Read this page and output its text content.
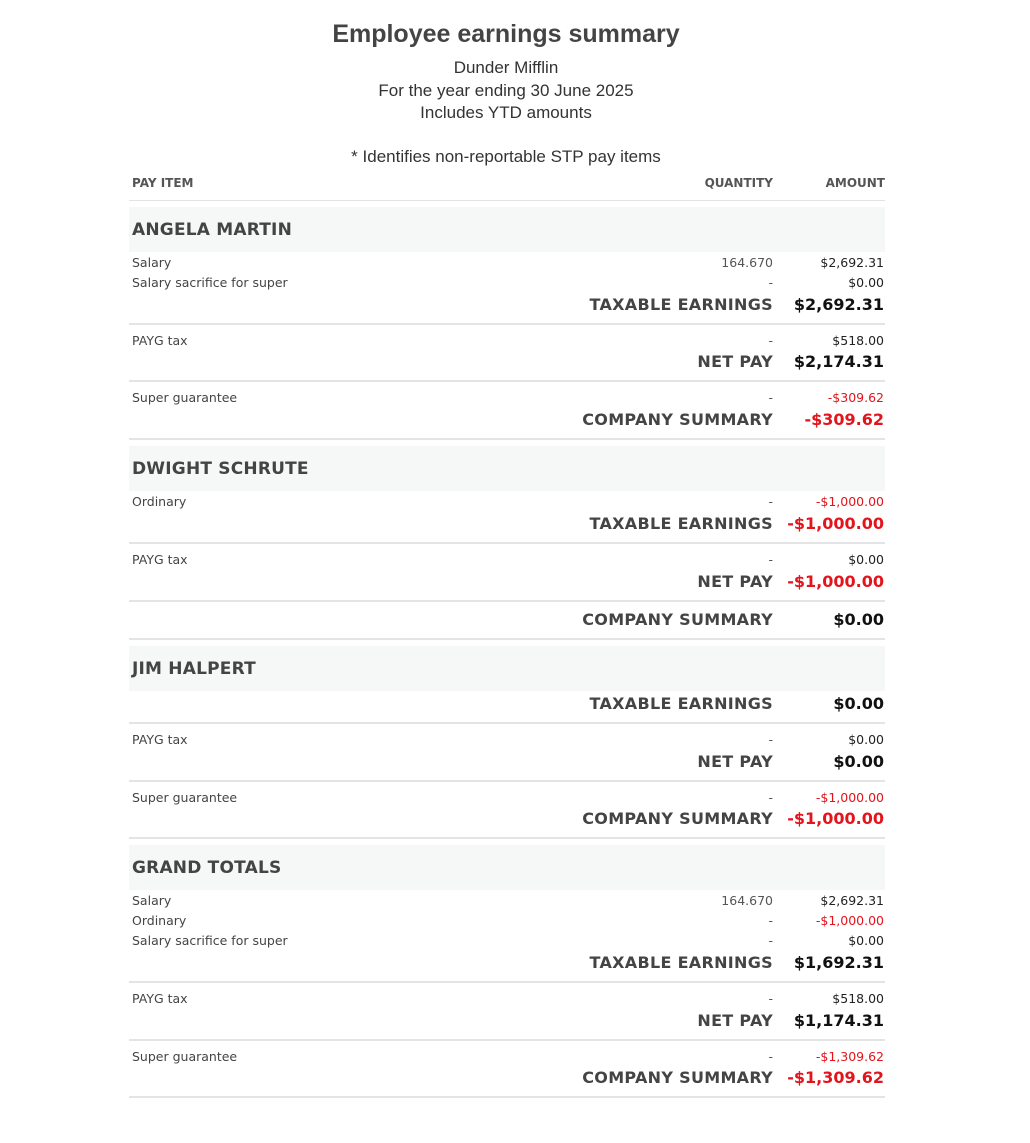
Employee earnings summary
Dunder Mifflin
For the year ending 30 June 2025
Includes YTD amounts
* Identifies non-reportable STP pay items
PAY ITEM	QUANTITY	AMOUNT
ANGELA MARTIN
Salary	164.670	$2,692.31
Salary sacrifice for super	-	$0.00
TAXABLE EARNINGS $2,692.31
PAYG tax	-	$518.00
NET PAY $2,174.31
Super guarantee	-	-$309.62
COMPANY SUMMARY -$309.62
DWIGHT SCHRUTE
Ordinary	-	-$1,000.00
TAXABLE EARNINGS -$1,000.00
PAYG tax	-	$0.00
NET PAY -$1,000.00
COMPANY SUMMARY	$0.00
JIM HALPERT
TAXABLE EARNINGS	$0.00
PAYG tax	-	$0.00
NET PAY	$0.00
Super guarantee	-	-$1,000.00
COMPANY SUMMARY -$1,000.00
GRAND TOTALS
Salary	164.670	$2,692.31
Ordinary	-	-$1,000.00
Salary sacrifice for super	-	$0.00
TAXABLE EARNINGS $1,692.31
PAYG tax	-	$518.00
NET PAY $1,174.31
Super guarantee	-	-$1,309.62
COMPANY SUMMARY -$1,309.62
